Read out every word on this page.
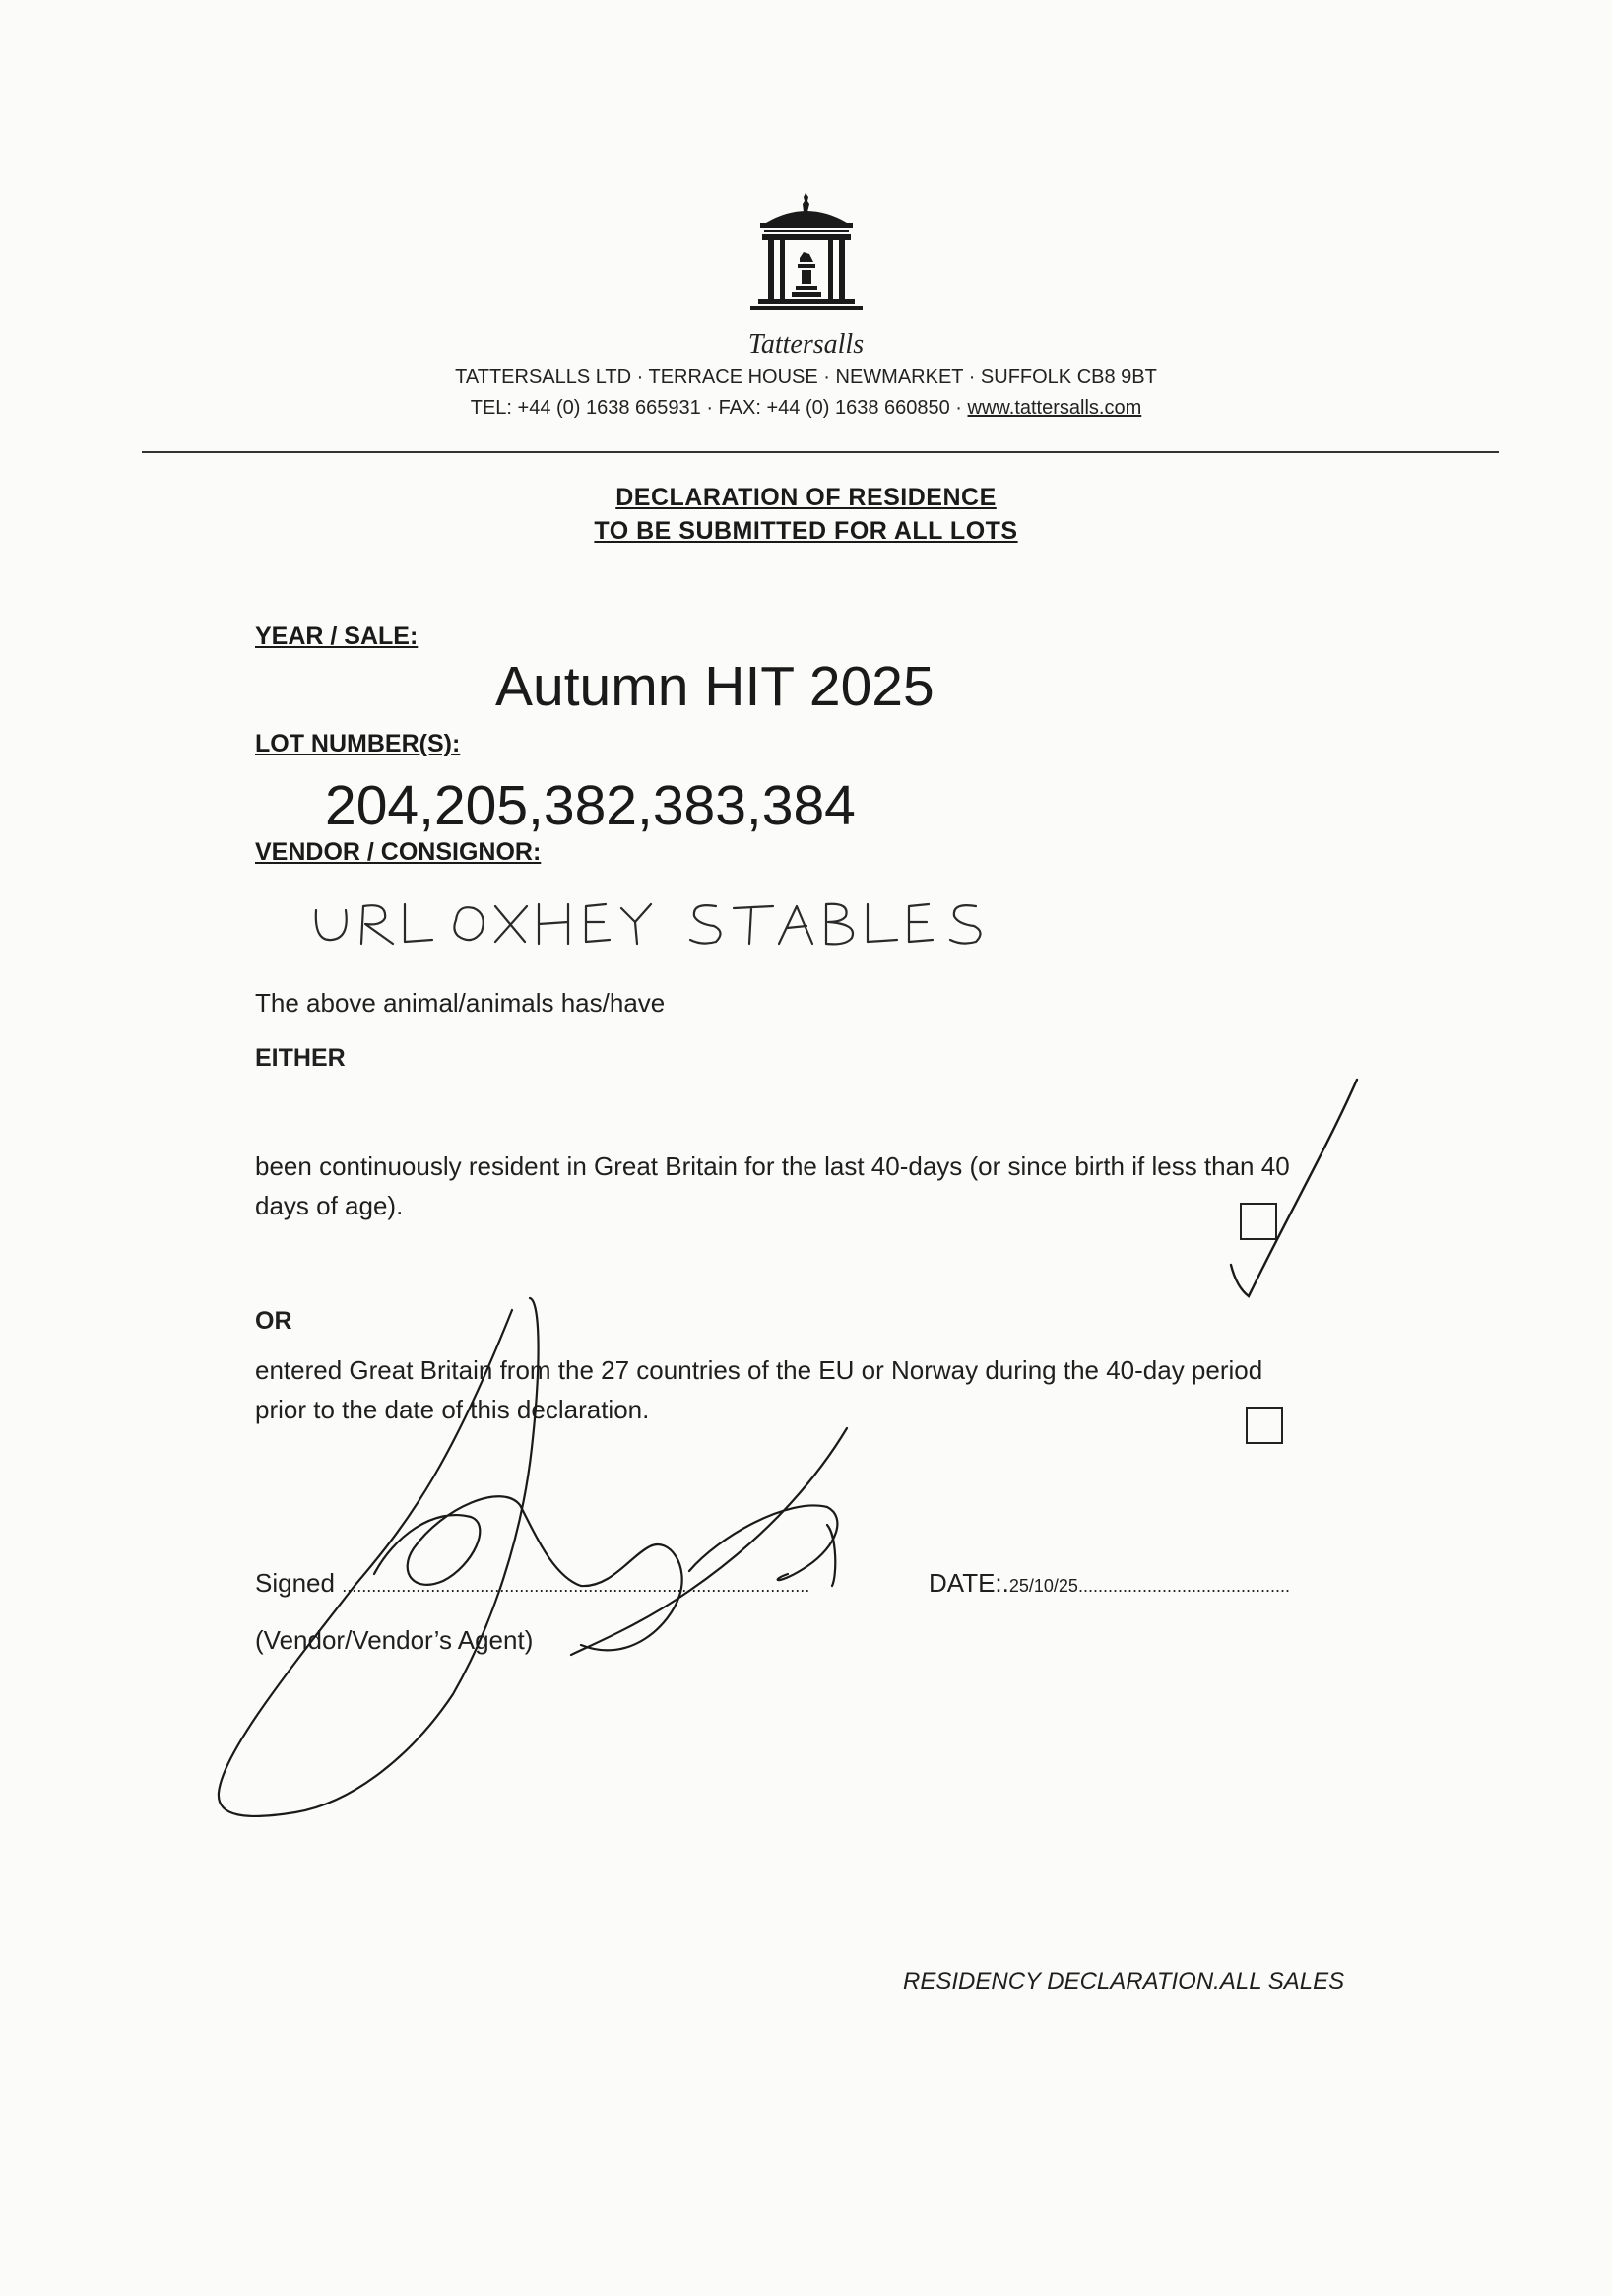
Tattersalls
TATTERSALLS LTD · TERRACE HOUSE · NEWMARKET · SUFFOLK CB8 9BT
TEL: +44 (0) 1638 665931 · FAX: +44 (0) 1638 660850 · www.tattersalls.com
DECLARATION OF RESIDENCE
TO BE SUBMITTED FOR ALL LOTS
YEAR / SALE:
Autumn HIT 2025
LOT NUMBER(S):
204,205,382,383,384
VENDOR / CONSIGNOR:
The above animal/animals has/have
EITHER
been continuously resident in Great Britain for the last 40-days (or since birth if less than 40
days of age).
OR
entered Great Britain from the 27 countries of the EU or Norway during the 40-day period
prior to the date of this declaration.
Signed ...............................................................................................	DATE:.25/10/25...........................................
(Vendor/Vendor’s Agent)
RESIDENCY DECLARATION.ALL SALES
